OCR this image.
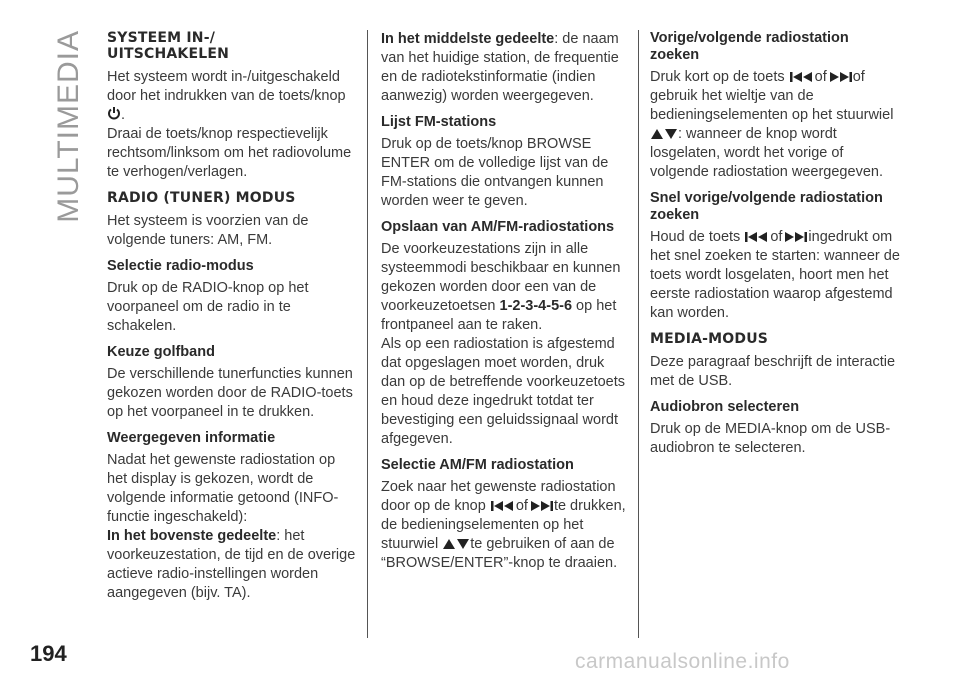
MULTIMEDIA SYSTEEM IN-/
UITSCHAKELEN

Het systeem wordt in-/uitgeschakeld door het indrukken van de toets/knop
.
Draai de toets/knop respectievelijk rechtsom/linksom om het radiovolume te verhogen/verlagen.

RADIO (TUNER) MODUS

Het systeem is voorzien van de volgende tuners: AM, FM.

Selectie radio-modus

Druk op de RADIO-knop op het voorpaneel om de radio in te schakelen.

Keuze golfband

De verschillende tunerfuncties kunnen gekozen worden door de RADIO-toets op het voorpaneel in te drukken.

Weergegeven informatie

Nadat het gewenste radiostation op het display is gekozen, wordt de volgende informatie getoond (INFO-functie ingeschakeld):
In het bovenste gedeelte: het voorkeuzestation, de tijd en de overige actieve radio-instellingen worden aangegeven (bijv. TA).

In het middelste gedeelte: de naam van het huidige station, de frequentie en de radiotekstinformatie (indien aanwezig) worden weergegeven.

Lijst FM-stations

Druk op de toets/knop BROWSE ENTER om de volledige lijst van de FM-stations die ontvangen kunnen worden weer te geven.

Opslaan van AM/FM-radiostations

De voorkeuzestations zijn in alle systeemmodi beschikbaar en kunnen gekozen worden door een van de voorkeuzetoetsen 1-2-3-4-5-6 op het frontpaneel aan te raken.
Als op een radiostation is afgestemd dat opgeslagen moet worden, druk dan op de betreffende voorkeuzetoets en houd deze ingedrukt totdat ter bevestiging een geluidssignaal wordt afgegeven.

Selectie AM/FM radiostation

Zoek naar het gewenste radiostation door op de knop of te drukken, de bedieningselementen op het stuurwiel te gebruiken of aan de “BROWSE/ENTER”-knop te draaien.

Vorige/volgende radiostation zoeken

Druk kort op de toets of of gebruik het wieltje van de bedieningselementen op het stuurwiel
: wanneer de knop wordt losgelaten, wordt het vorige of volgende radiostation weergegeven.

Snel vorige/volgende radiostation zoeken

Houd de toets of ingedrukt om het snel zoeken te starten: wanneer de toets wordt losgelaten, hoort men het eerste radiostation waarop afgestemd kan worden.

MEDIA-MODUS

Deze paragraaf beschrijft de interactie met de USB.

Audiobron selecteren

Druk op de MEDIA-knop om de USB-audiobron te selecteren.

194	carmanualsonline.info
